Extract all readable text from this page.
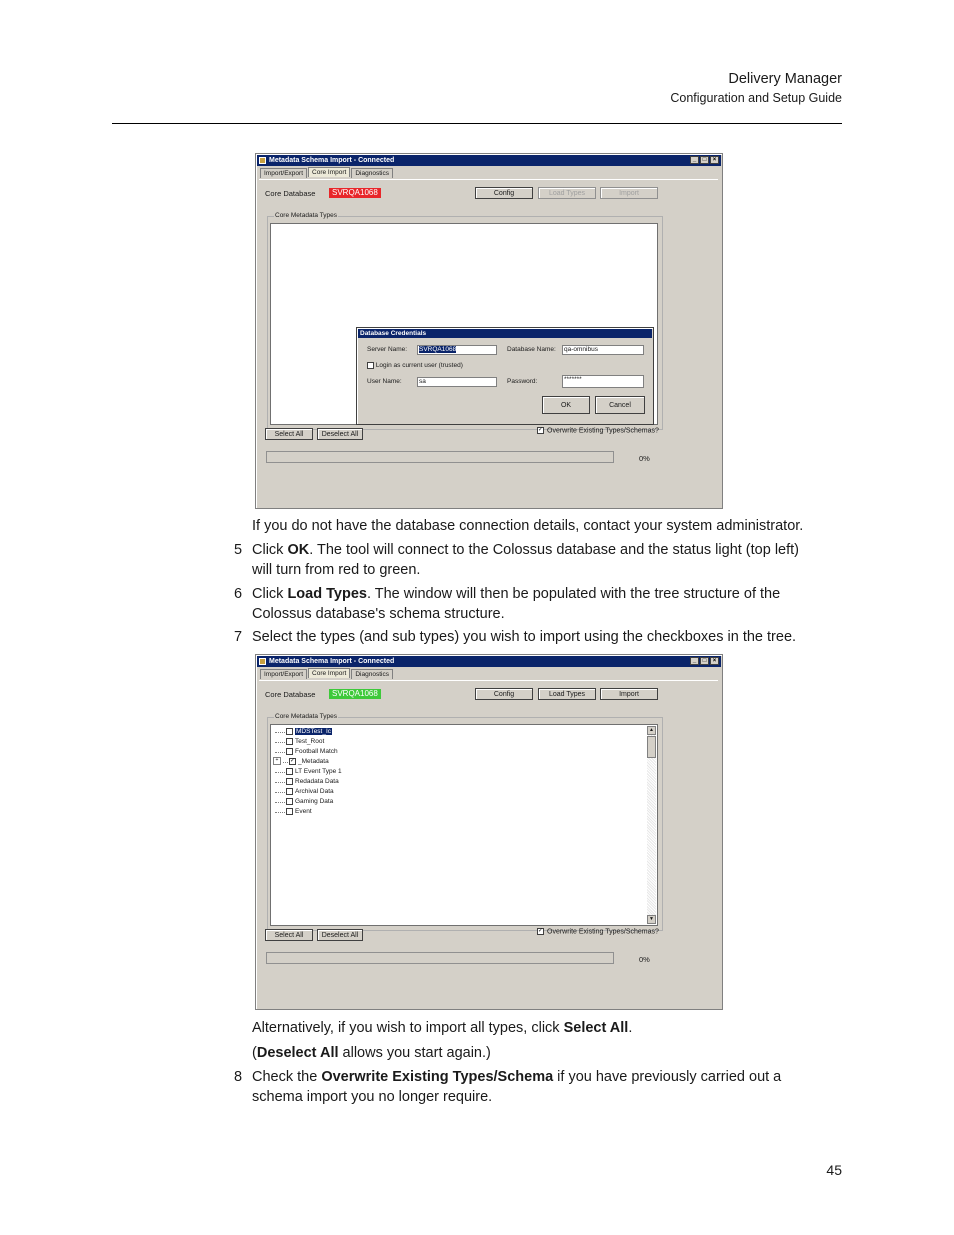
Delivery Manager
Configuration and Setup Guide
Metadata Schema Import - Connected	_	□	×
Import/Export	Core Import	Diagnostics
Core Database	SVRQA1068	Config	Load Types	Import
Core Metadata Types
Database Credentials
Server Name:	SVRQA1068	Database Name:	qa-omnibus
Login as current user (trusted)
User Name:	sa	Password:	*******
OK	Cancel
Select All	Deselect All
✓ Overwrite Existing Types/Schemas?
0%
If you do not have the database connection details, contact your system administrator.
5 Click OK. The tool will connect to the Colossus database and the status light (top left)
will turn from red to green.
6 Click Load Types. The window will then be populated with the tree structure of the
Colossus database's schema structure.
7 Select the types (and sub types) you wish to import using the checkboxes in the tree.
Metadata Schema Import - Connected	_	□	×
Import/Export	Core Import	Diagnostics
Core Database	SVRQA1068	Config	Load Types	Import
Core Metadata Types
MDSTest_Ic
Test_Root
Football Match
+ ✓ _Metadata
LT Event Type 1
Redadata Data
Archival Data
Gaming Data
Event
▲
▼
Select All	Deselect All
✓ Overwrite Existing Types/Schemas?
0%
Alternatively, if you wish to import all types, click Select All.
(Deselect All allows you start again.)
8 Check the Overwrite Existing Types/Schema if you have previously carried out a
schema import you no longer require.
45
